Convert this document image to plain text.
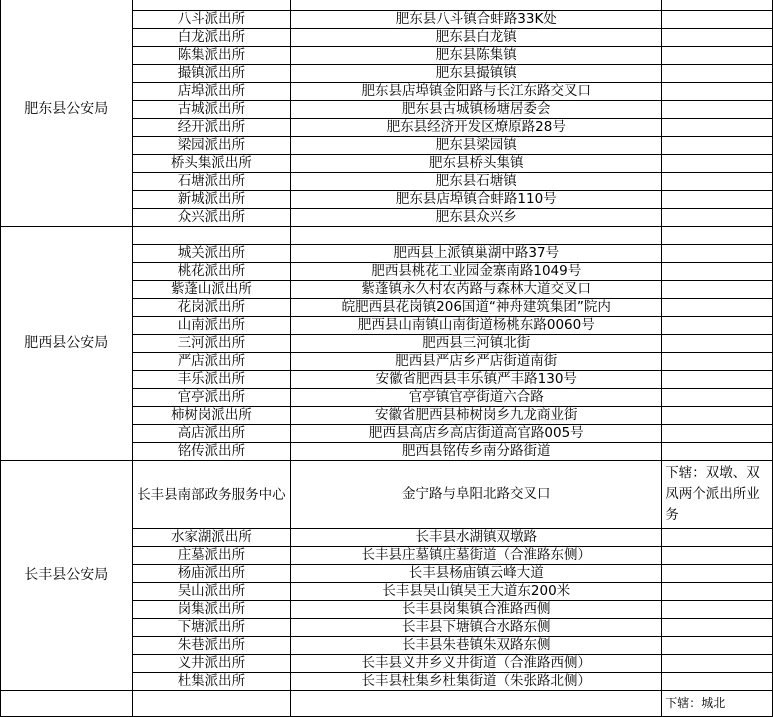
肥东县公安局			
	八斗派出所	肥东县八斗镇合蚌路33K处	
	白龙派出所	肥东县白龙镇	
	陈集派出所	肥东县陈集镇	
	撮镇派出所	肥东县撮镇镇	
	店埠派出所	肥东县店埠镇金阳路与长江东路交叉口	
	古城派出所	肥东县古城镇杨塘居委会	
	经开派出所	肥东县经济开发区燎原路28号	
	梁园派出所	肥东县梁园镇	
	桥头集派出所	肥东县桥头集镇	
	石塘派出所	肥东县石塘镇	
	新城派出所	肥东县店埠镇合蚌路110号	
	众兴派出所	肥东县众兴乡	
肥西县公安局			
	城关派出所	肥西县上派镇巢湖中路37号	
	桃花派出所	肥西县桃花工业园金寨南路1049号	
	紫蓬山派出所	紫蓬镇永久村农芮路与森林大道交叉口	
	花岗派出所	皖肥西县花岗镇206国道“神舟建筑集团”院内	
	山南派出所	肥西县山南镇山南街道杨桃东路0060号	
	三河派出所	肥西县三河镇北街	
	严店派出所	肥西县严店乡严店街道南街	
	丰乐派出所	安徽省肥西县丰乐镇严丰路130号	
	官亭派出所	官亭镇官亭街道六合路	
	柿树岗派出所	安徽省肥西县柿树岗乡九龙商业街	
	高店派出所	肥西县高店乡高店街道高官路005号	
	铭传派出所	肥西县铭传乡南分路街道	
长丰县公安局	长丰县南部政务服务中心	金宁路与阜阳北路交叉口	下辖：双墩、双凤两个派出所业务
	水家湖派出所	长丰县水湖镇双墩路	
	庄墓派出所	长丰县庄墓镇庄墓街道（合淮路东侧）	
	杨庙派出所	长丰县杨庙镇云峰大道	
	吴山派出所	长丰县吴山镇吴王大道东200米	
	岗集派出所	长丰县岗集镇合淮路西侧	
	下塘派出所	长丰县下塘镇合水路东侧	
	朱巷派出所	长丰县朱巷镇朱双路东侧	
	义井派出所	长丰县义井乡义井街道（合淮路西侧）	
	杜集派出所	长丰县杜集乡杜集街道（朱张路北侧）	
			下辖：城北
